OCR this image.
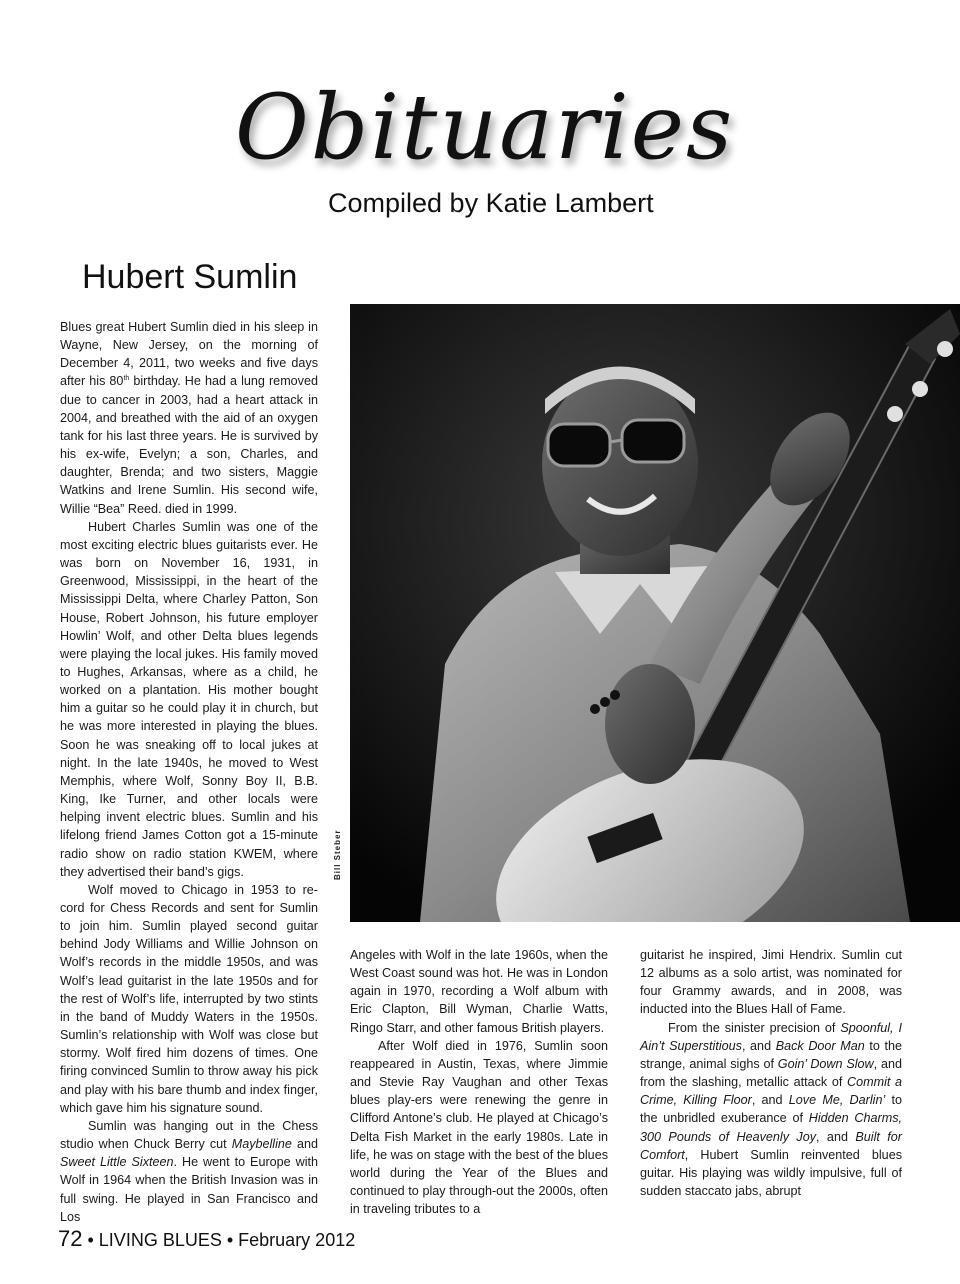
Obituaries
Compiled by Katie Lambert
Hubert Sumlin

Blues great Hubert Sumlin died in his sleep in Wayne, New Jersey, on the morning of December 4, 2011, two weeks and five days after his 80th birthday. He had a lung removed due to cancer in 2003, had a heart attack in 2004, and breathed with the aid of an oxygen tank for his last three years. He is survived by his ex-wife, Evelyn; a son, Charles, and daughter, Brenda; and two sisters, Maggie Watkins and Irene Sumlin. His second wife, Willie “Bea” Reed. died in 1999.

Hubert Charles Sumlin was one of the most exciting electric blues guitarists ever. He was born on November 16, 1931, in Greenwood, Mississippi, in the heart of the Mississippi Delta, where Charley Patton, Son House, Robert Johnson, his future employer Howlin’ Wolf, and other Delta blues legends were playing the local jukes. His family moved to Hughes, Arkansas, where as a child, he worked on a plantation. His mother bought him a guitar so he could play it in church, but he was more interested in playing the blues. Soon he was sneaking off to local jukes at night. In the late 1940s, he moved to West Memphis, where Wolf, Sonny Boy II, B.B. King, Ike Turner, and other locals were helping invent electric blues. Sumlin and his lifelong friend James Cotton got a 15-minute radio show on radio station KWEM, where they advertised their band’s gigs.

Wolf moved to Chicago in 1953 to re-cord for Chess Records and sent for Sumlin to join him. Sumlin played second guitar behind Jody Williams and Willie Johnson on Wolf’s records in the middle 1950s, and was Wolf’s lead guitarist in the late 1950s and for the rest of Wolf’s life, interrupted by two stints in the band of Muddy Waters in the 1950s. Sumlin’s relationship with Wolf was close but stormy. Wolf fired him dozens of times. One firing convinced Sumlin to throw away his pick and play with his bare thumb and index finger, which gave him his signature sound.

Sumlin was hanging out in the Chess studio when Chuck Berry cut Maybelline and Sweet Little Sixteen. He went to Europe with Wolf in 1964 when the British Invasion was in full swing. He played in San Francisco and Los

Bill Steber

Angeles with Wolf in the late 1960s, when the West Coast sound was hot. He was in London again in 1970, recording a Wolf album with Eric Clapton, Bill Wyman, Charlie Watts, Ringo Starr, and other famous British players.

After Wolf died in 1976, Sumlin soon reappeared in Austin, Texas, where Jimmie and Stevie Ray Vaughan and other Texas blues play-ers were renewing the genre in Clifford Antone’s club. He played at Chicago’s Delta Fish Market in the early 1980s. Late in life, he was on stage with the best of the blues world during the Year of the Blues and continued to play through-out the 2000s, often in traveling tributes to a

guitarist he inspired, Jimi Hendrix. Sumlin cut 12 albums as a solo artist, was nominated for four Grammy awards, and in 2008, was inducted into the Blues Hall of Fame.

From the sinister precision of Spoonful, I Ain’t Superstitious, and Back Door Man to the strange, animal sighs of Goin’ Down Slow, and from the slashing, metallic attack of Commit a Crime, Killing Floor, and Love Me, Darlin’ to the unbridled exuberance of Hidden Charms, 300 Pounds of Heavenly Joy, and Built for Comfort, Hubert Sumlin reinvented blues guitar. His playing was wildly impulsive, full of sudden staccato jabs, abrupt

72 • LIVING BLUES • February 2012
